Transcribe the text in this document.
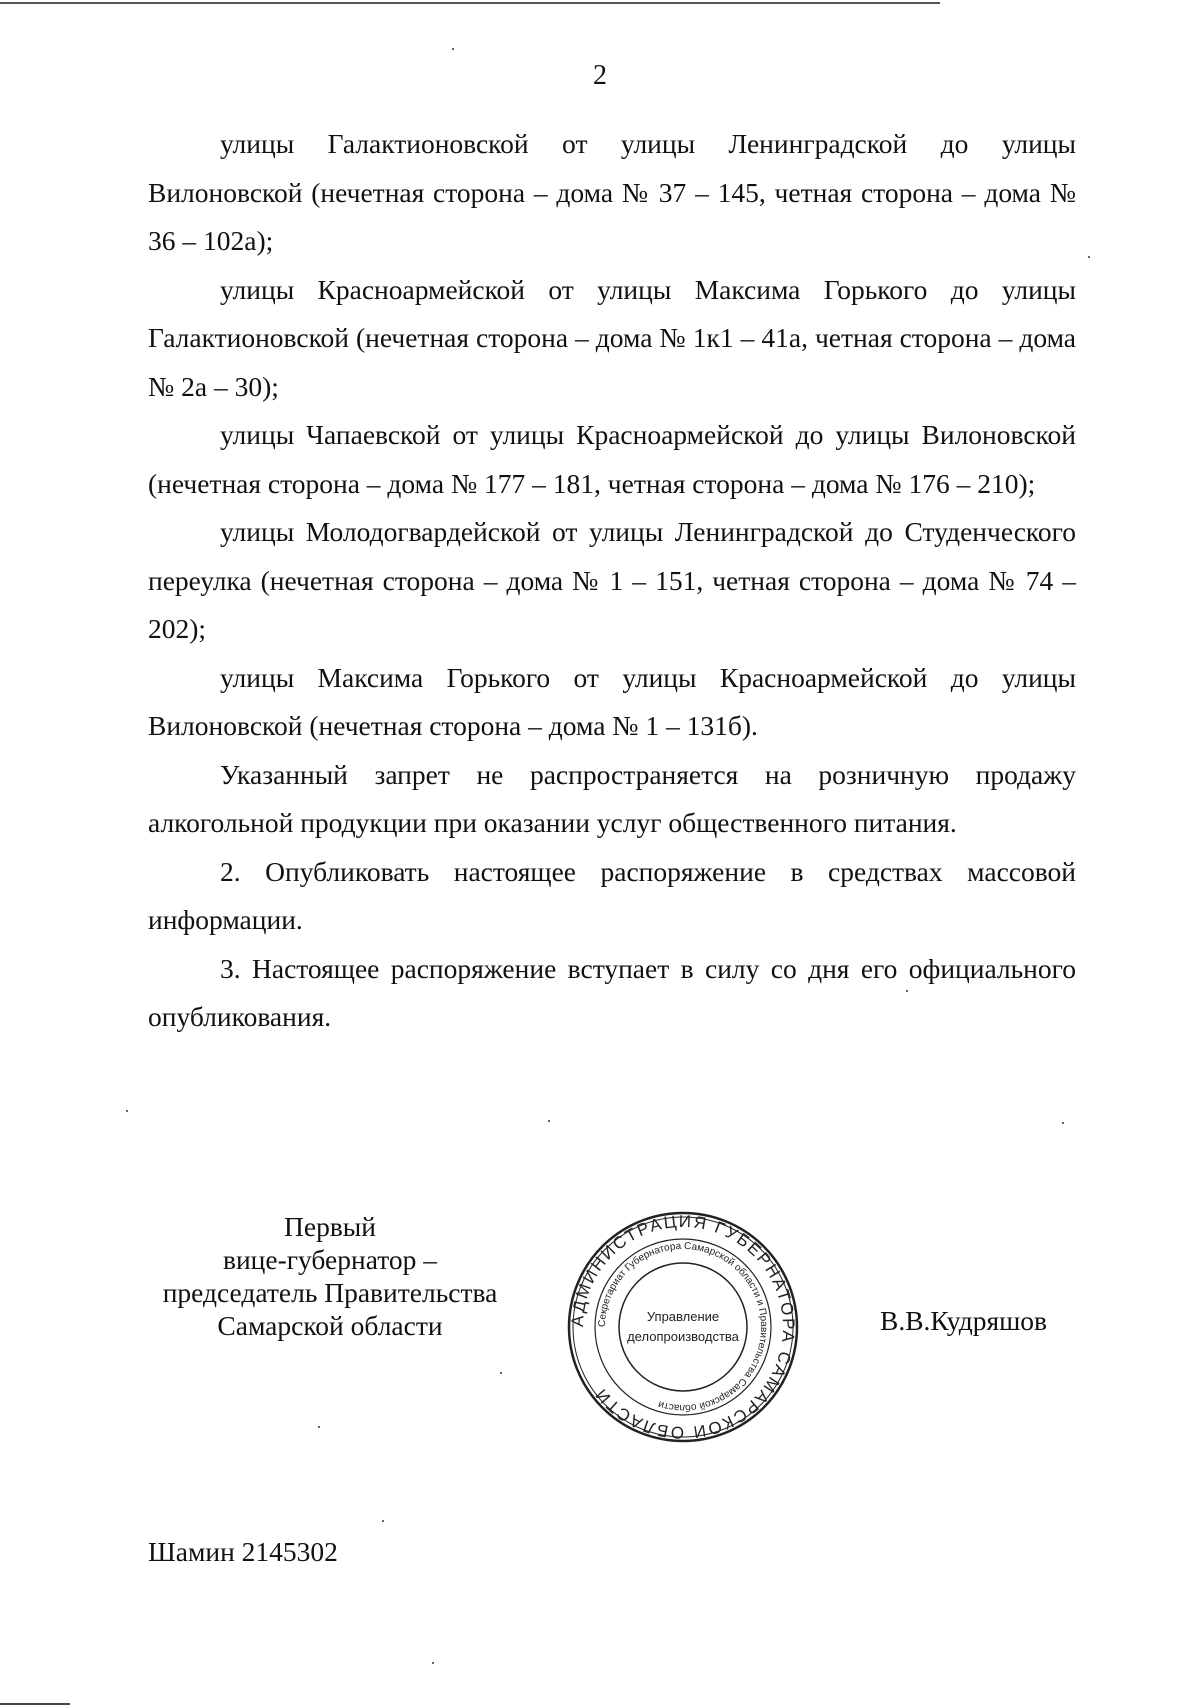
2

улицы Галактионовской от улицы Ленинградской до улицы Вилоновской (нечетная сторона – дома № 37 – 145, четная сторона – дома № 36 – 102а);

улицы Красноармейской от улицы Максима Горького до улицы Галактионовской (нечетная сторона – дома № 1к1 – 41а, четная сторона – дома № 2а – 30);

улицы Чапаевской от улицы Красноармейской до улицы Вилоновской (нечетная сторона – дома № 177 – 181, четная сторона – дома № 176 – 210);

улицы Молодогвардейской от улицы Ленинградской до Студенческого переулка (нечетная сторона – дома № 1 – 151, четная сторона – дома № 74 – 202);

улицы Максима Горького от улицы Красноармейской до улицы Вилоновской (нечетная сторона – дома № 1 – 131б).

Указанный запрет не распространяется на розничную продажу алкогольной продукции при оказании услуг общественного питания.

2. Опубликовать настоящее распоряжение в средствах массовой информации.

3. Настоящее распоряжение вступает в силу со дня его официального опубликования.

Первый
вице-губернатор –
председатель Правительства
Самарской области	АДМИНИСТРАЦИЯ ГУБЕРНАТОРА САМАРСКОЙ ОБЛАСТИ
Секретариат Губернатора Самарской области и Правительства Самарской области
Управление
делопроизводства
В.В.Кудряшов
Шамин 2145302
